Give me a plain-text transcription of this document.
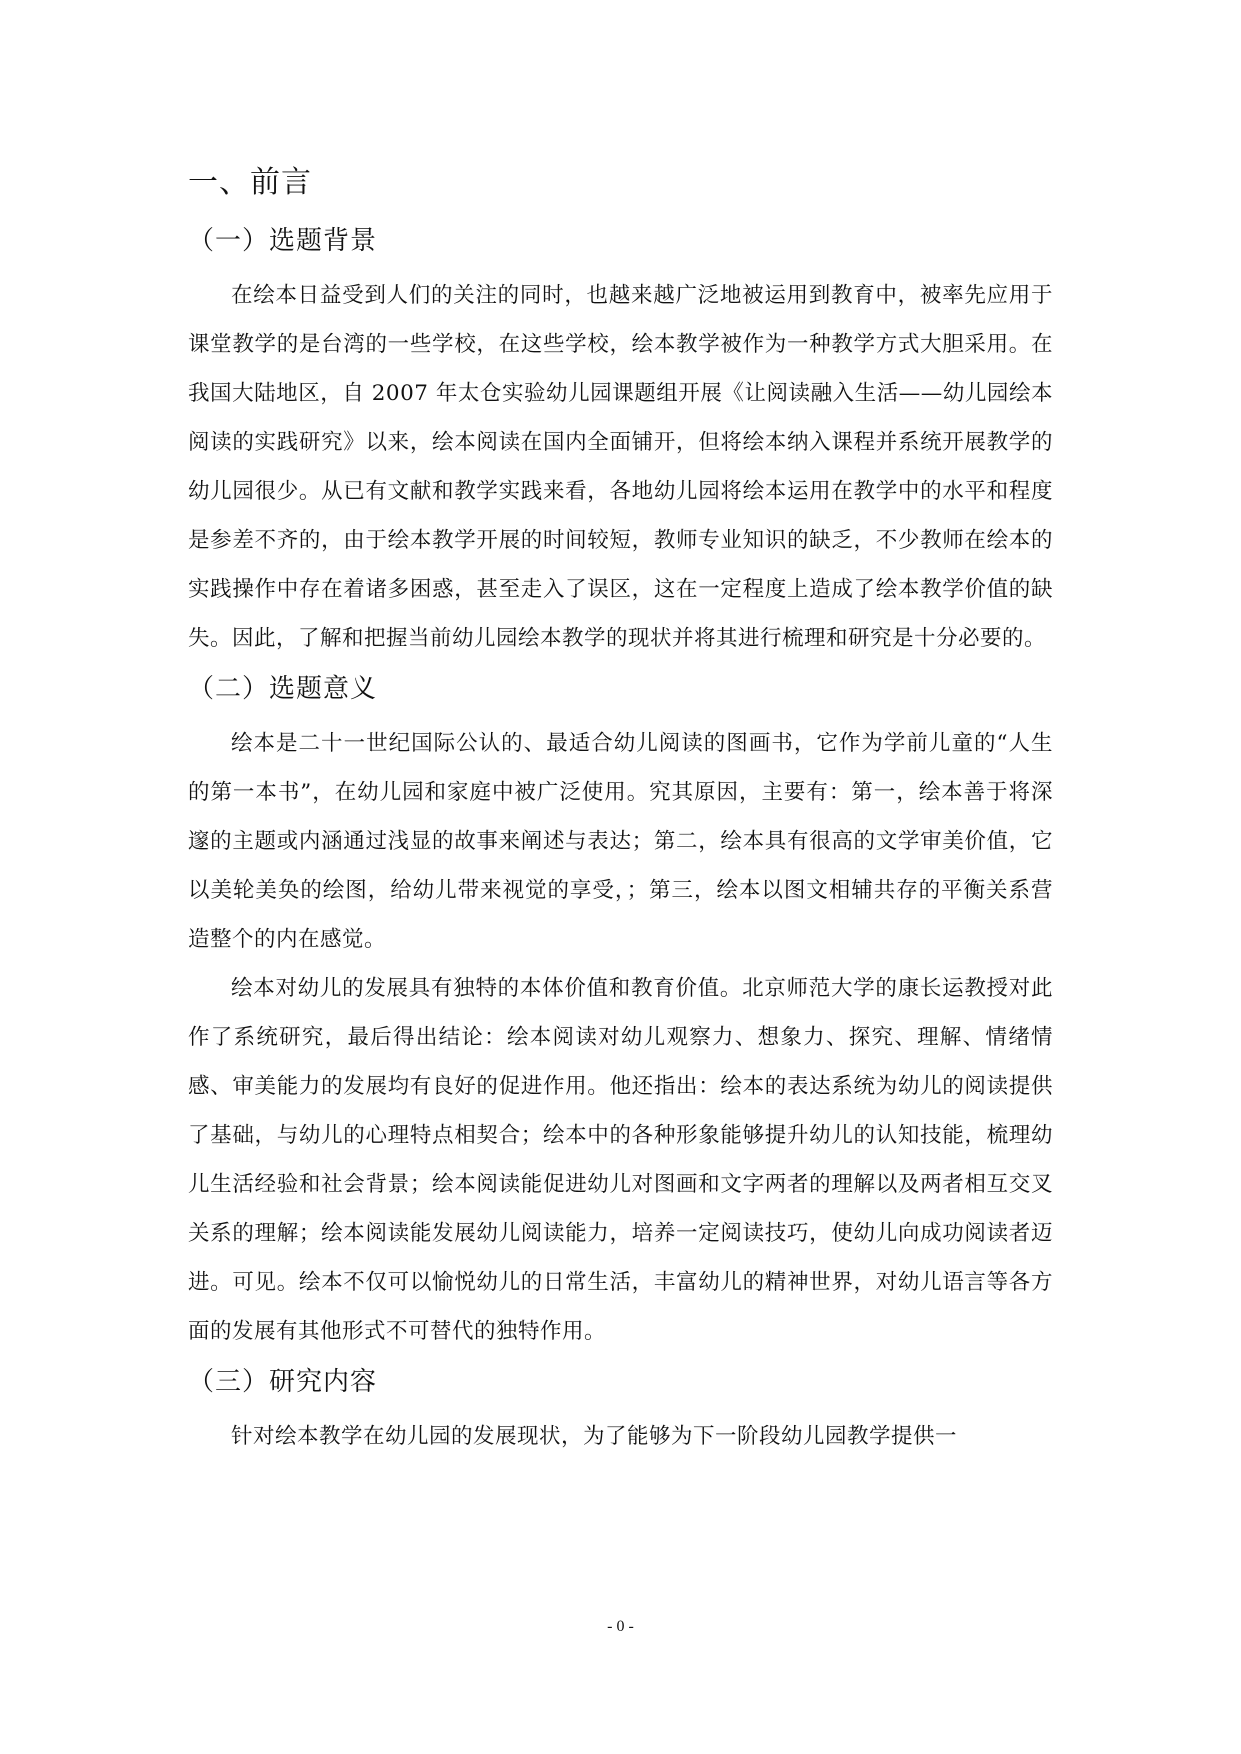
一、前言
（一）选题背景

在绘本日益受到人们的关注的同时，也越来越广泛地被运用到教育中，被率先应用于课堂教学的是台湾的一些学校，在这些学校，绘本教学被作为一种教学方式大胆采用。在我国大陆地区，自 2007 年太仓实验幼儿园课题组开展《让阅读融入生活——幼儿园绘本阅读的实践研究》以来，绘本阅读在国内全面铺开，但将绘本纳入课程并系统开展教学的幼儿园很少。从已有文献和教学实践来看，各地幼儿园将绘本运用在教学中的水平和程度是参差不齐的，由于绘本教学开展的时间较短，教师专业知识的缺乏，不少教师在绘本的实践操作中存在着诸多困惑，甚至走入了误区，这在一定程度上造成了绘本教学价值的缺失。因此，了解和把握当前幼儿园绘本教学的现状并将其进行梳理和研究是十分必要的。

（二）选题意义

绘本是二十一世纪国际公认的、最适合幼儿阅读的图画书，它作为学前儿童的“人生的第一本书”，在幼儿园和家庭中被广泛使用。究其原因，主要有：第一，绘本善于将深邃的主题或内涵通过浅显的故事来阐述与表达；第二，绘本具有很高的文学审美价值，它以美轮美奂的绘图，给幼儿带来视觉的享受，；第三，绘本以图文相辅共存的平衡关系营造整个的内在感觉。

绘本对幼儿的发展具有独特的本体价值和教育价值。北京师范大学的康长运教授对此作了系统研究，最后得出结论：绘本阅读对幼儿观察力、想象力、探究、理解、情绪情感、审美能力的发展均有良好的促进作用。他还指出：绘本的表达系统为幼儿的阅读提供了基础，与幼儿的心理特点相契合；绘本中的各种形象能够提升幼儿的认知技能，梳理幼儿生活经验和社会背景；绘本阅读能促进幼儿对图画和文字两者的理解以及两者相互交叉关系的理解；绘本阅读能发展幼儿阅读能力，培养一定阅读技巧，使幼儿向成功阅读者迈进。可见。绘本不仅可以愉悦幼儿的日常生活，丰富幼儿的精神世界，对幼儿语言等各方面的发展有其他形式不可替代的独特作用。

（三）研究内容

针对绘本教学在幼儿园的发展现状，为了能够为下一阶段幼儿园教学提供一

- 0 -
